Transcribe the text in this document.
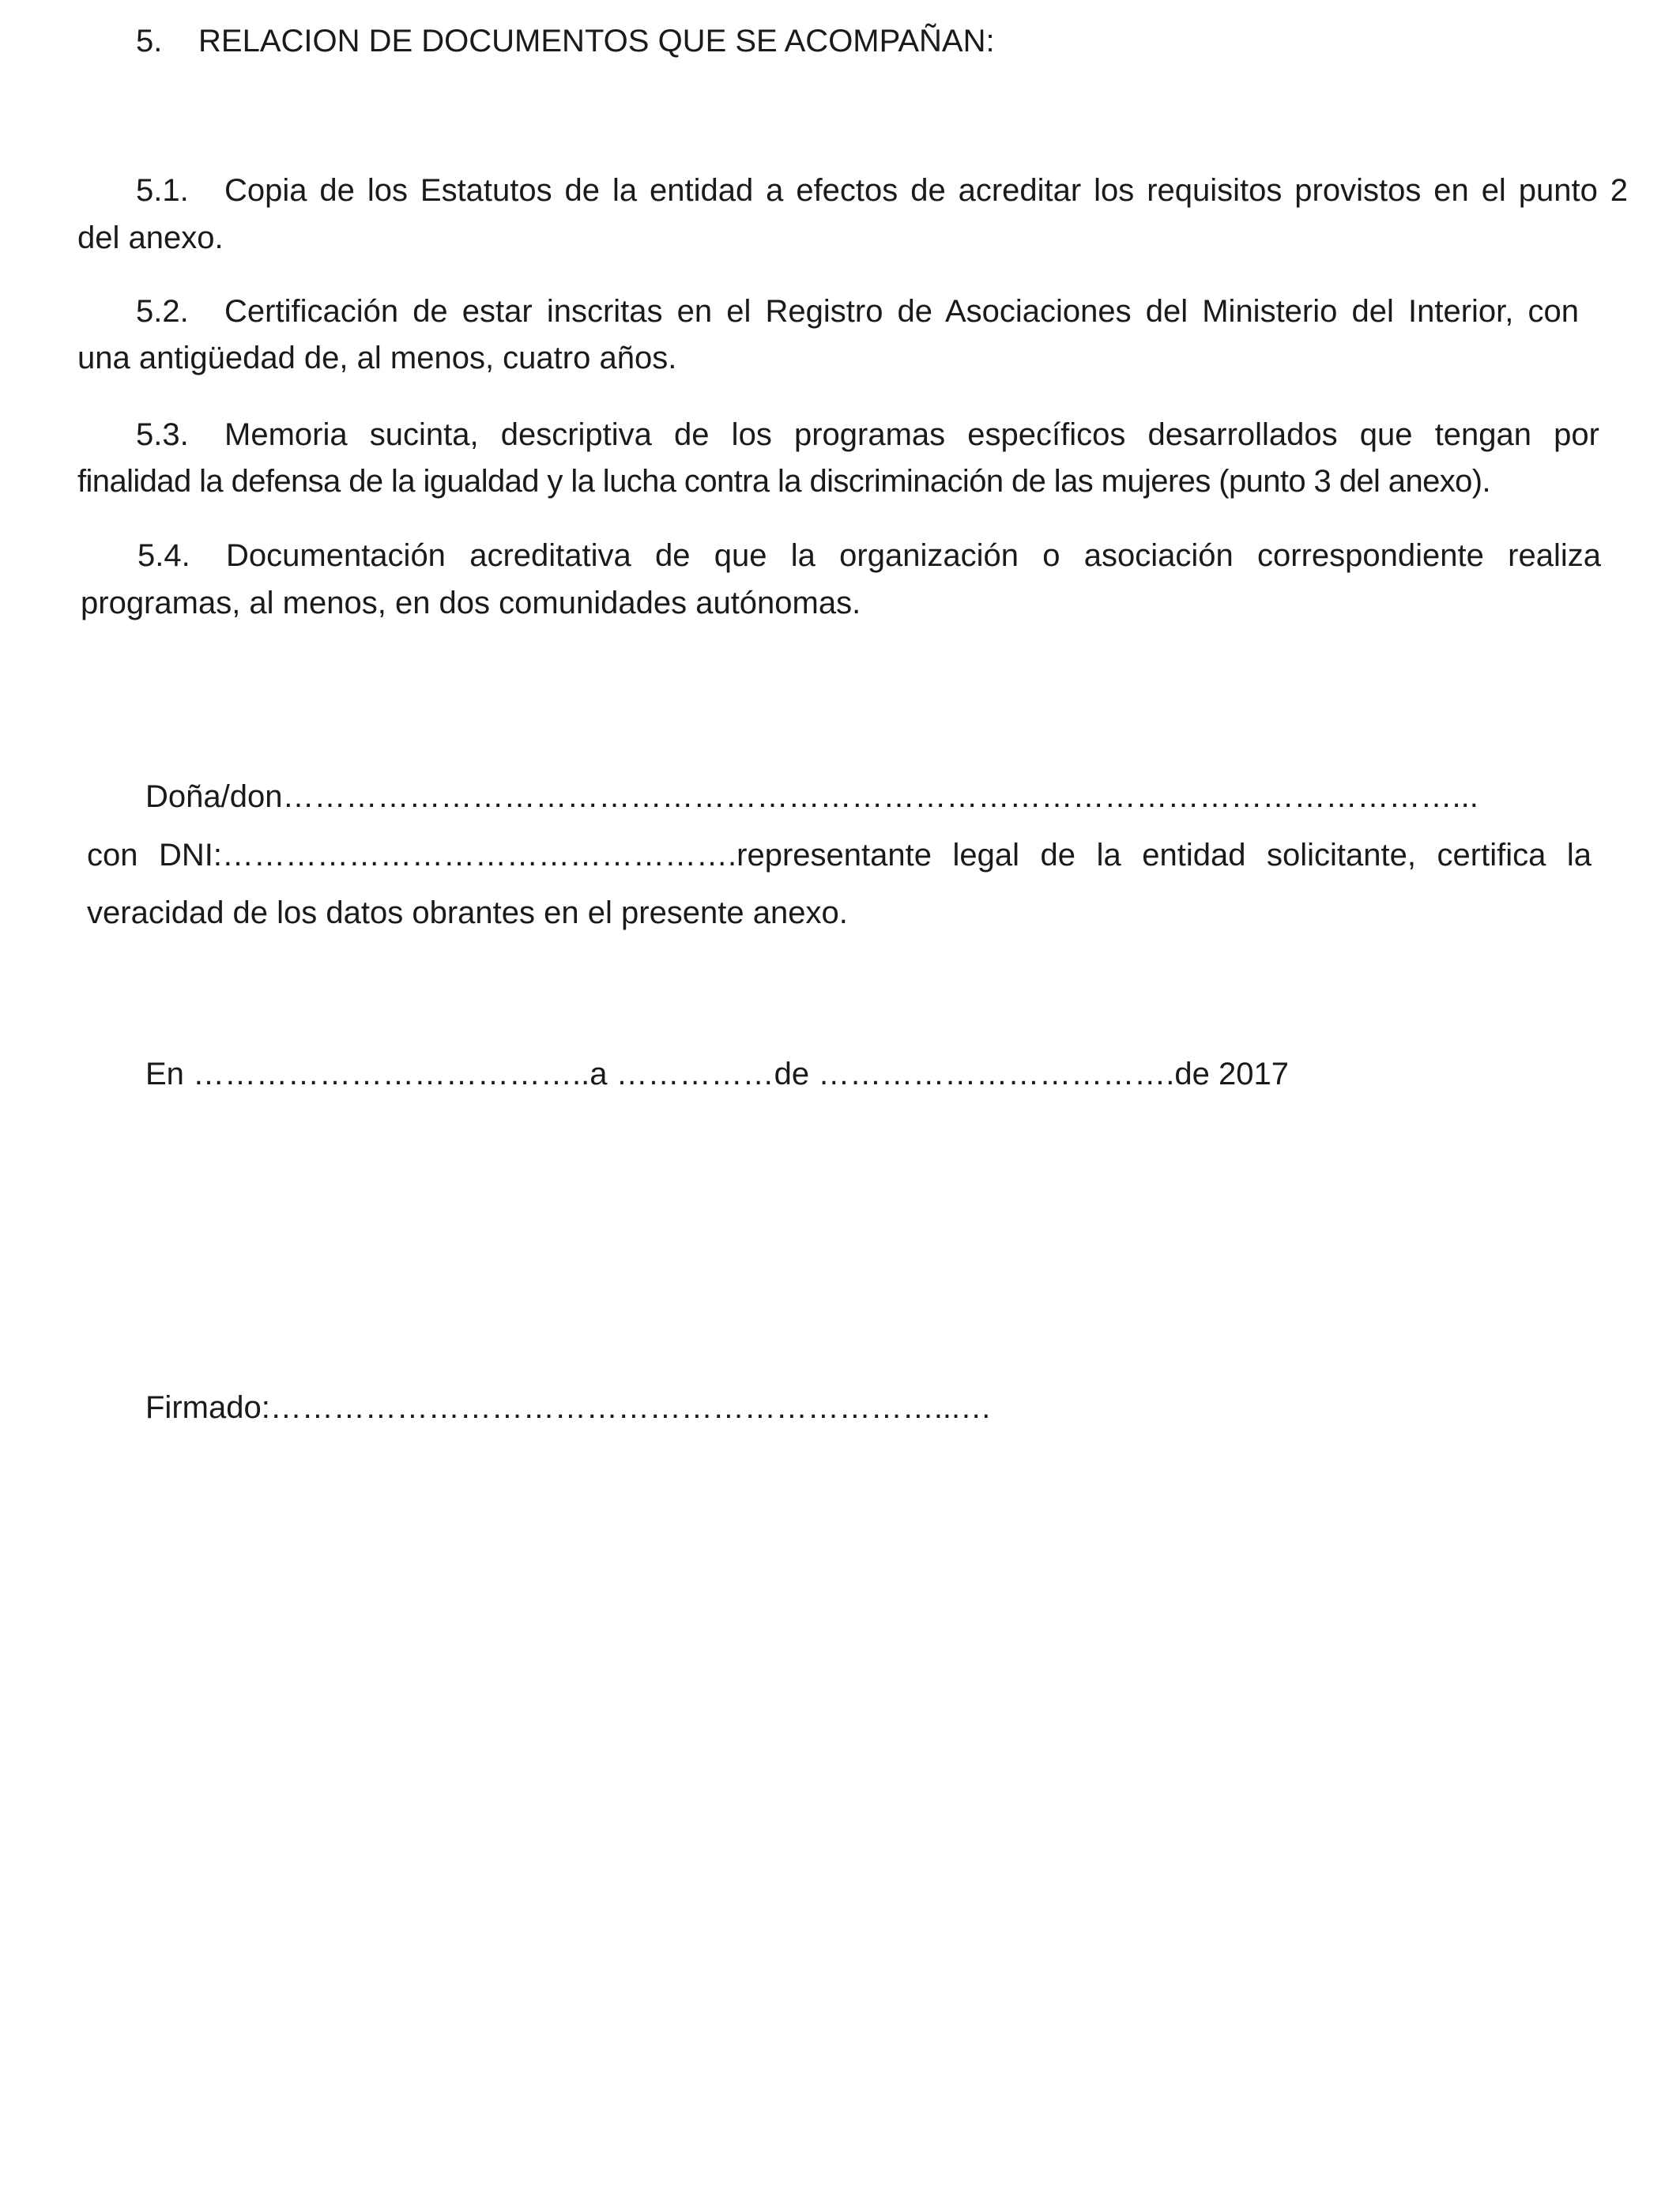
5. RELACION DE DOCUMENTOS QUE SE ACOMPAÑAN:
5.1. Copia de los Estatutos de la entidad a efectos de acreditar los requisitos provistos en el punto 2
del anexo.
5.2. Certificación de estar inscritas en el Registro de Asociaciones del Ministerio del Interior, con
una antigüedad de, al menos, cuatro años.
5.3. Memoria sucinta, descriptiva de los programas específicos desarrollados que tengan por
finalidad la defensa de la igualdad y la lucha contra la discriminación de las mujeres (punto 3 del anexo).
5.4. Documentación acreditativa de que la organización o asociación correspondiente realiza
programas, al menos, en dos comunidades autónomas.
Doña/don…………………………………………………………………………………………………...
con DNI:………………………………………….representante legal de la entidad solicitante, certifica la
veracidad de los datos obrantes en el presente anexo.
En ………………………………..a ……………de …………………………….de 2017
Firmado:………………………………………………………...…
